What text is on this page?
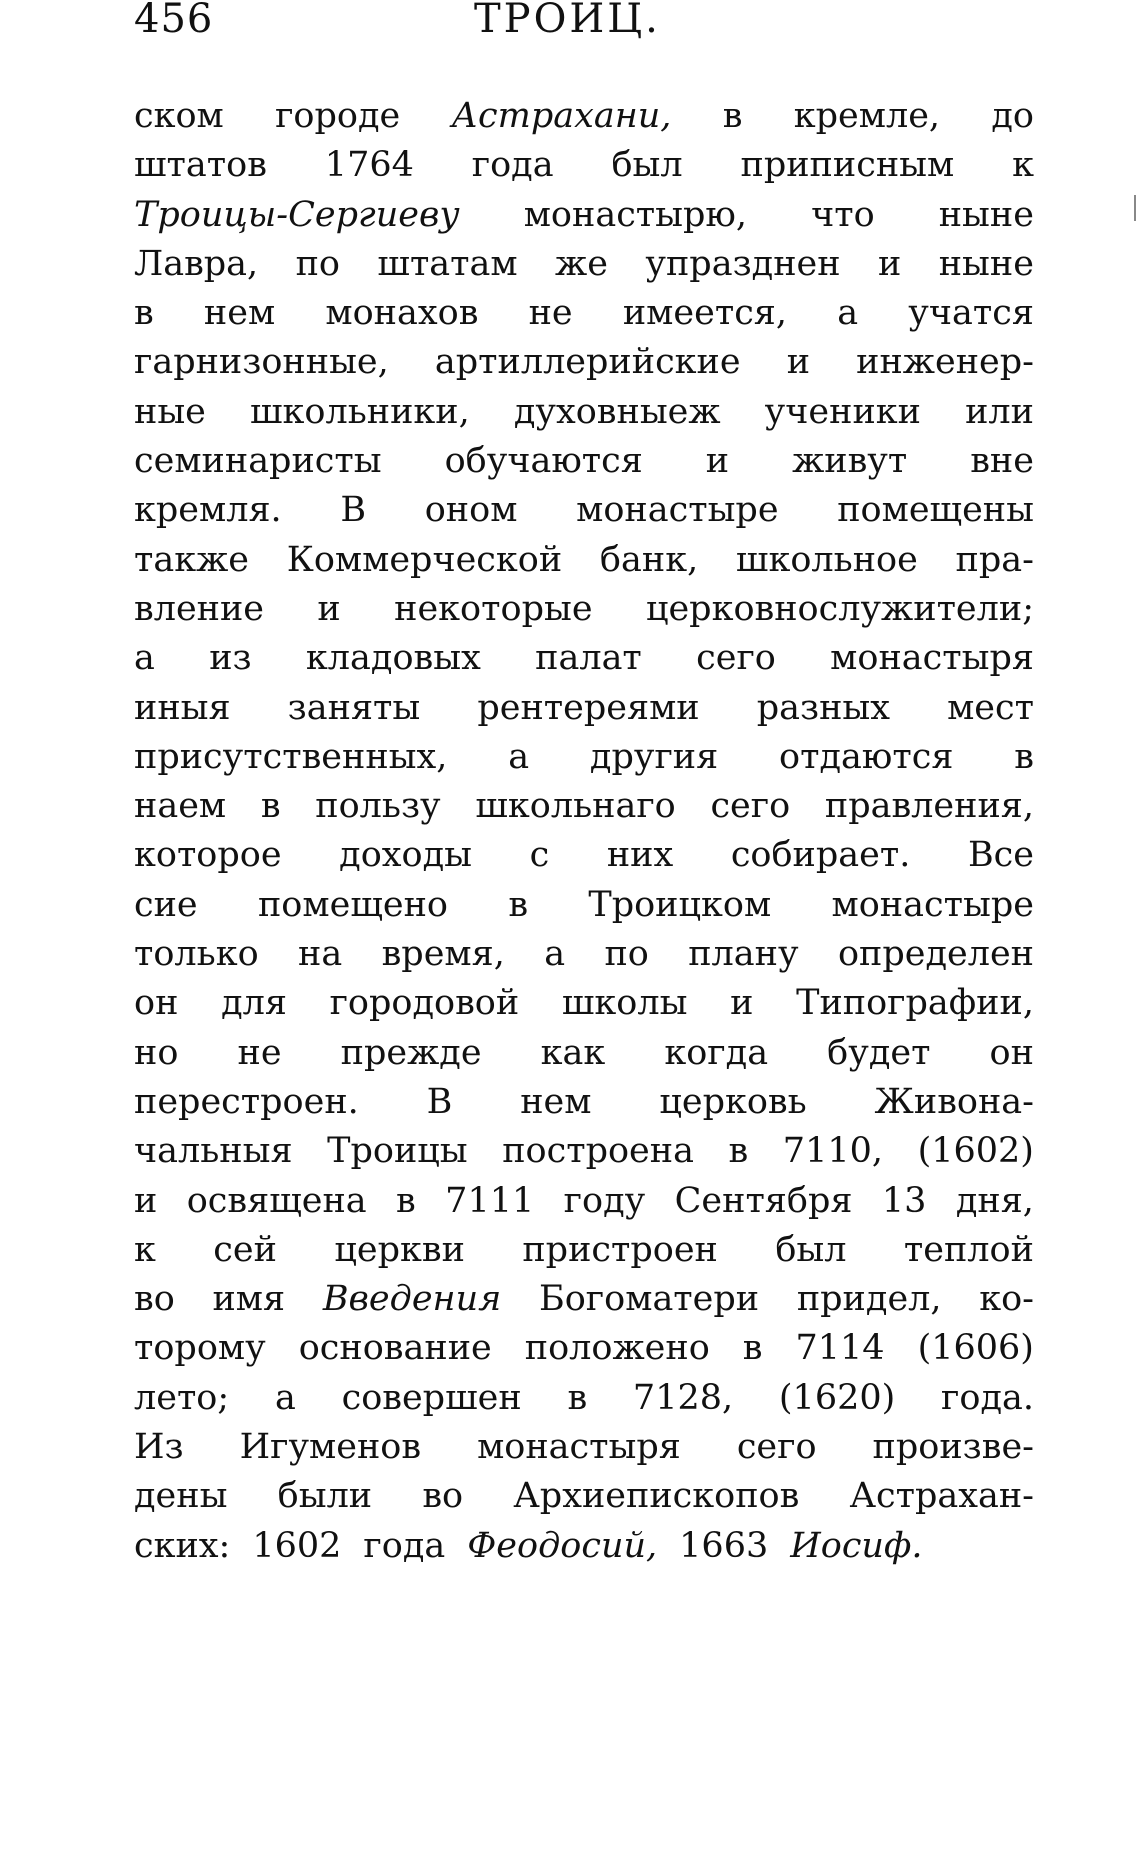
456	ТРОИЦ.
ском городе Астрахани, в кремле, до
штатов 1764 года был приписным к
Троицы-Сергиеву монастырю, что ныне
Лавра, по штатам же упразднен и ныне
в нем монахов не имеется, а учатся
гарнизонные, артиллерийские и инженер-
ные школьники, духовныеж ученики или
семинаристы обучаются и живут вне
кремля. В оном монастыре помещены
также Коммерческой банк, школьное пра-
вление и некоторые церковнослужители;
а из кладовых палат сего монастыря
иныя заняты рентереями разных мест
присутственных, а другия отдаются в
наем в пользу школьнаго сего правления,
которое доходы с них собирает. Все
сие помещено в Троицком монастыре
только на время, а по плану определен
он для городовой школы и Типографии,
но не прежде как когда будет он
перестроен. В нем церковь Живона-
чальныя Троицы построена в 7110, (1602)
и освящена в 7111 году Сентября 13 дня,
к сей церкви пристроен был теплой
во имя Введения Богоматери придел, ко-
торому основание положено в 7114 (1606)
лето; а совершен в 7128, (1620) года.
Из Игуменов монастыря сего произве-
дены были во Архиепископов Астрахан-
ских: 1602 года Феодосий, 1663 Иосиф.
